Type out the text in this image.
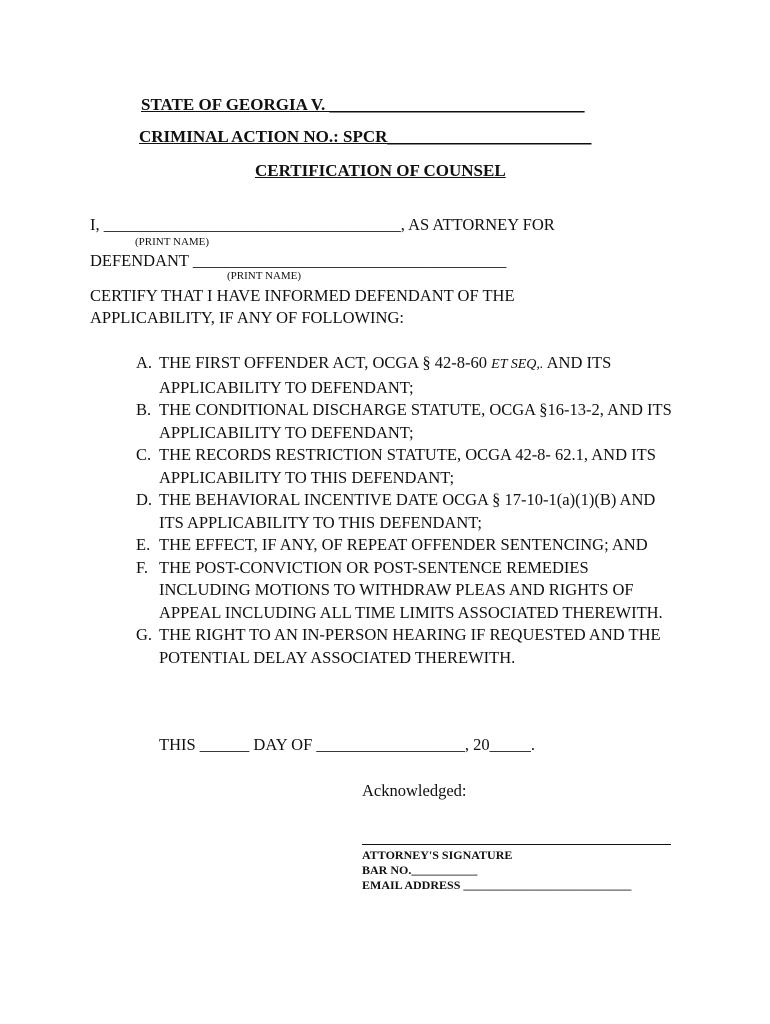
STATE OF GEORGIA V. ______________________________
CRIMINAL ACTION NO.: SPCR________________________
CERTIFICATION OF COUNSEL
I, ____________________________________, AS ATTORNEY FOR
(PRINT NAME)
DEFENDANT ______________________________________
(PRINT NAME)
CERTIFY THAT I HAVE INFORMED DEFENDANT OF THE
APPLICABILITY, IF ANY OF FOLLOWING:
A. THE FIRST OFFENDER ACT, OCGA § 42-8-60 ET SEQ,. AND ITS APPLICABILITY TO DEFENDANT;
B. THE CONDITIONAL DISCHARGE STATUTE, OCGA §16-13-2, AND ITS APPLICABILITY TO DEFENDANT;
C. THE RECORDS RESTRICTION STATUTE, OCGA 42-8- 62.1, AND ITS APPLICABILITY TO THIS DEFENDANT;
D. THE BEHAVIORAL INCENTIVE DATE OCGA § 17-10-1(a)(1)(B) AND ITS APPLICABILITY TO THIS DEFENDANT;
E. THE EFFECT, IF ANY, OF REPEAT OFFENDER SENTENCING; AND
F. THE POST-CONVICTION OR POST-SENTENCE REMEDIES INCLUDING MOTIONS TO WITHDRAW PLEAS AND RIGHTS OF APPEAL INCLUDING ALL TIME LIMITS ASSOCIATED THEREWITH.
G. THE RIGHT TO AN IN-PERSON HEARING IF REQUESTED AND THE POTENTIAL DELAY ASSOCIATED THEREWITH.
THIS ______ DAY OF __________________, 20_____.
Acknowledged:
ATTORNEY'S SIGNATURE
BAR NO.___________
EMAIL ADDRESS ____________________________
